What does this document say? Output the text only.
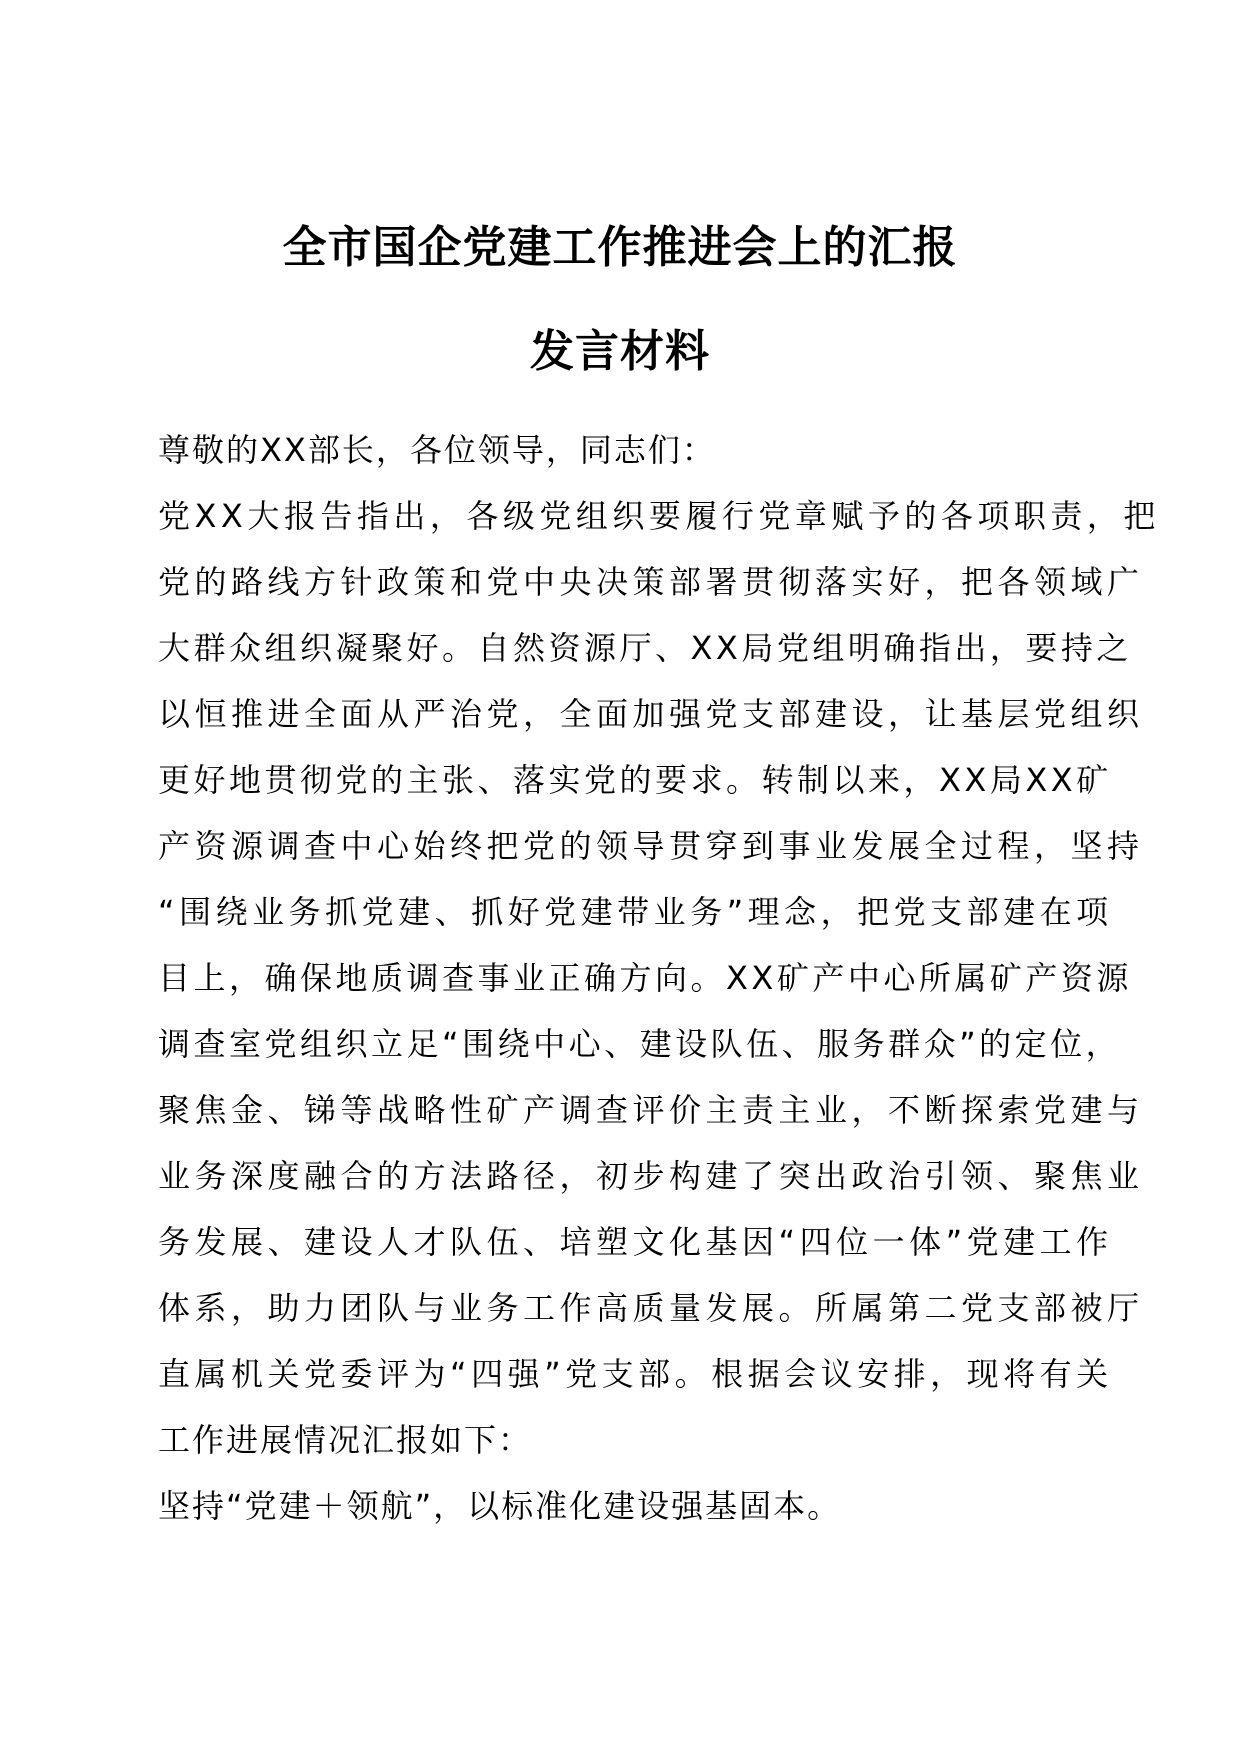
全市国企党建工作推进会上的汇报
发言材料
尊敬的XX部长，各位领导，同志们：
党XX大报告指出，各级党组织要履行党章赋予的各项职责，把
党的路线方针政策和党中央决策部署贯彻落实好，把各领域广
大群众组织凝聚好。自然资源厅、XX局党组明确指出，要持之
以恒推进全面从严治党，全面加强党支部建设，让基层党组织
更好地贯彻党的主张、落实党的要求。转制以来，XX局XX矿
产资源调查中心始终把党的领导贯穿到事业发展全过程，坚持
“围绕业务抓党建、抓好党建带业务”理念，把党支部建在项
目上，确保地质调查事业正确方向。XX矿产中心所属矿产资源
调查室党组织立足“围绕中心、建设队伍、服务群众”的定位，
聚焦金、锑等战略性矿产调查评价主责主业，不断探索党建与
业务深度融合的方法路径，初步构建了突出政治引领、聚焦业
务发展、建设人才队伍、培塑文化基因“四位一体”党建工作
体系，助力团队与业务工作高质量发展。所属第二党支部被厅
直属机关党委评为“四强”党支部。根据会议安排，现将有关
工作进展情况汇报如下：
坚持“党建＋领航”，以标准化建设强基固本。
